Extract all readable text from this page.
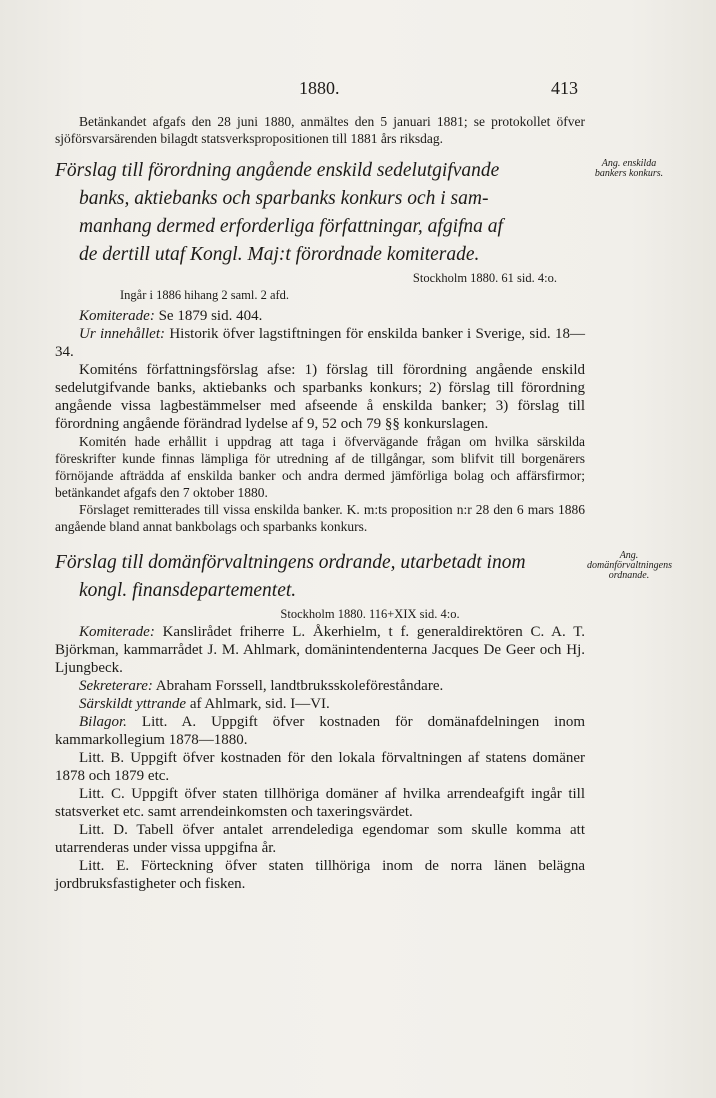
1880.	413

Betänkandet afgafs den 28 juni 1880, anmältes den 5 januari 1881; se protokollet öfver sjöförsvarsärenden bilagdt statsverkspropositionen till 1881 års riksdag.

Ang. enskilda bankers konkurs.

Förslag till förordning angående enskild sedelutgifvande
banks, aktiebanks och sparbanks konkurs och i sam-
manhang dermed erforderliga författningar, afgifna af
de dertill utaf Kongl. Maj:t förordnade komiterade.

Stockholm 1880. 61 sid. 4:o.

Ingår i 1886 hihang 2 saml. 2 afd.

Komiterade: Se 1879 sid. 404.

Ur innehållet: Historik öfver lagstiftningen för enskilda banker i Sverige, sid. 18—34.

Komiténs författningsförslag afse: 1) förslag till förordning angående enskild sedelutgifvande banks, aktiebanks och sparbanks konkurs; 2) förslag till förordning angående vissa lagbestämmelser med afseende å enskilda banker; 3) förslag till förordning angående förändrad lydelse af 9, 52 och 79 §§ konkurslagen.

Komitén hade erhållit i uppdrag att taga i öfvervägande frågan om hvilka särskilda föreskrifter kunde finnas lämpliga för utredning af de tillgångar, som blifvit till borgenärers förnöjande afträdda af enskilda banker och andra dermed jämförliga bolag och affärsfirmor; betänkandet afgafs den 7 oktober 1880.

Förslaget remitterades till vissa enskilda banker. K. m:ts proposition n:r 28 den 6 mars 1886 angående bland annat bankbolags och sparbanks konkurs.

Ang. domänförvaltningens ordnande.

Förslag till domänförvaltningens ordrande, utarbetadt inom
kongl. finansdepartementet.

Stockholm 1880. 116+XIX sid. 4:o.

Komiterade: Kanslirådet friherre L. Åkerhielm, t f. generaldirektören C. A. T. Björkman, kammarrådet J. M. Ahlmark, domänintendenterna Jacques De Geer och Hj. Ljungbeck.

Sekreterare: Abraham Forssell, landtbruksskoleföreståndare.

Särskildt yttrande af Ahlmark, sid. I—VI.

Bilagor. Litt. A. Uppgift öfver kostnaden för domänafdelningen inom kammarkollegium 1878—1880.

Litt. B. Uppgift öfver kostnaden för den lokala förvaltningen af statens domäner 1878 och 1879 etc.

Litt. C. Uppgift öfver staten tillhöriga domäner af hvilka arrendeafgift ingår till statsverket etc. samt arrendeinkomsten och taxeringsvärdet.

Litt. D. Tabell öfver antalet arrendelediga egendomar som skulle komma att utarrenderas under vissa uppgifna år.

Litt. E. Förteckning öfver staten tillhöriga inom de norra länen belägna jordbruksfastigheter och fisken.
